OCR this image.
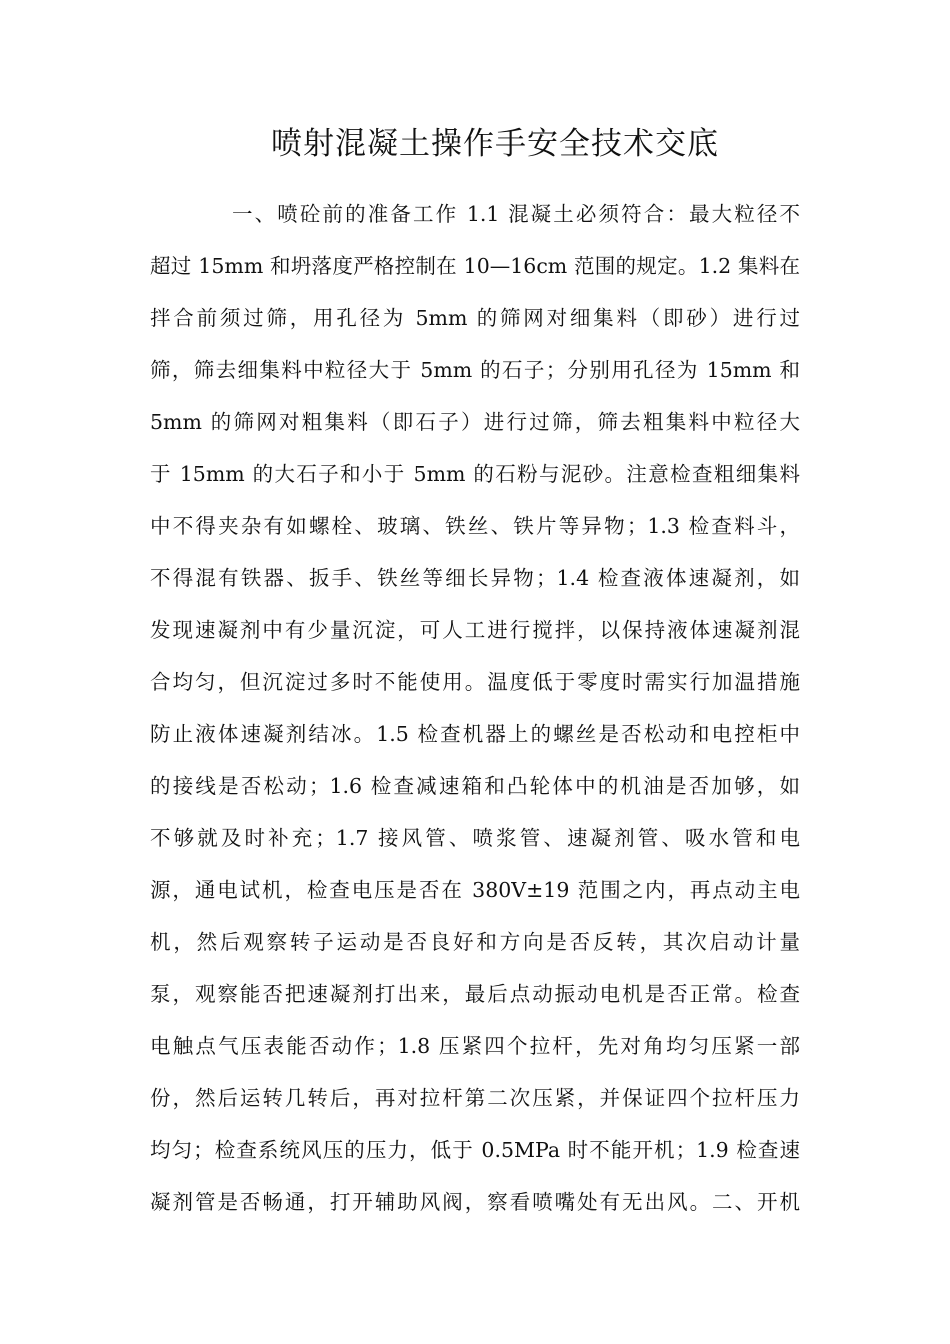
喷射混凝土操作手安全技术交底
一、喷砼前的准备工作 1.1 混凝土必须符合：最大粒径不
超过 15mm 和坍落度严格控制在 10—16cm 范围的规定。1.2 集料在
拌合前须过筛，用孔径为 5mm 的筛网对细集料（即砂）进行过
筛，筛去细集料中粒径大于 5mm 的石子；分别用孔径为 15mm 和
5mm 的筛网对粗集料（即石子）进行过筛，筛去粗集料中粒径大
于 15mm 的大石子和小于 5mm 的石粉与泥砂。注意检查粗细集料
中不得夹杂有如螺栓、玻璃、铁丝、铁片等异物；1.3 检查料斗，
不得混有铁器、扳手、铁丝等细长异物；1.4 检查液体速凝剂，如
发现速凝剂中有少量沉淀，可人工进行搅拌，以保持液体速凝剂混
合均匀，但沉淀过多时不能使用。温度低于零度时需实行加温措施
防止液体速凝剂结冰。1.5 检查机器上的螺丝是否松动和电控柜中
的接线是否松动；1.6 检查减速箱和凸轮体中的机油是否加够，如
不够就及时补充；1.7 接风管、喷浆管、速凝剂管、吸水管和电
源，通电试机，检查电压是否在 380V±19 范围之内，再点动主电
机，然后观察转子运动是否良好和方向是否反转，其次启动计量
泵，观察能否把速凝剂打出来，最后点动振动电机是否正常。检查
电触点气压表能否动作；1.8 压紧四个拉杆，先对角均匀压紧一部
份，然后运转几转后，再对拉杆第二次压紧，并保证四个拉杆压力
均匀；检查系统风压的压力，低于 0.5MPa 时不能开机；1.9 检查速
凝剂管是否畅通，打开辅助风阀，察看喷嘴处有无出风。二、开机
